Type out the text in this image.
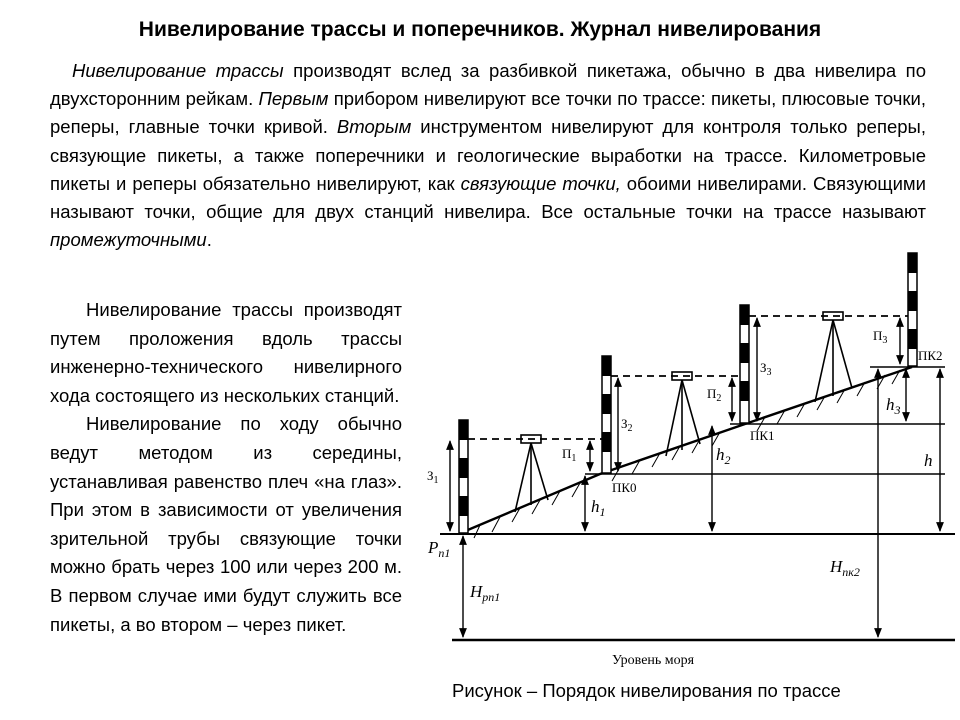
Нивелирование трассы и поперечников. Журнал нивелирования
Нивелирование трассы производят вслед за разбивкой пикетажа, обычно в два нивелира по двухсторонним рейкам. Первым прибором нивелируют все точки по трассе: пикеты, плюсовые точки, реперы, главные точки кривой. Вторым инструментом нивелируют для контроля только реперы, связующие пикеты, а также поперечники и геологические выработки на трассе. Километровые пикеты и реперы обязательно нивелируют, как связующие точки, обоими нивелирами. Связующими называют точки, общие для двух станций нивелира. Все остальные точки на трассе называют промежуточными.

Нивелирование трассы производят путем проложения вдоль трассы инженерно-технического нивелирного хода состоящего из нескольких станций.

Нивелирование по ходу обычно ведут методом из середины, устанавливая равенство плеч «на глаз». При этом в зависимости от увеличения зрительной трубы связующие точки можно брать через 100 или через 200 м. В первом случае ими будут служить все пикеты, а во втором – через пикет.

Уровень моря
$З_1$
$П_1$
$З_2$
$П_2$
$З_3$
$П_3$
ПК0
ПК1
ПК2
$h_1$
$h_2$
$h_3$
h
$Р_{п1}$
$Н_{рп1}$
$Н_{пк2}$
Рисунок – Порядок нивелирования по трассе
